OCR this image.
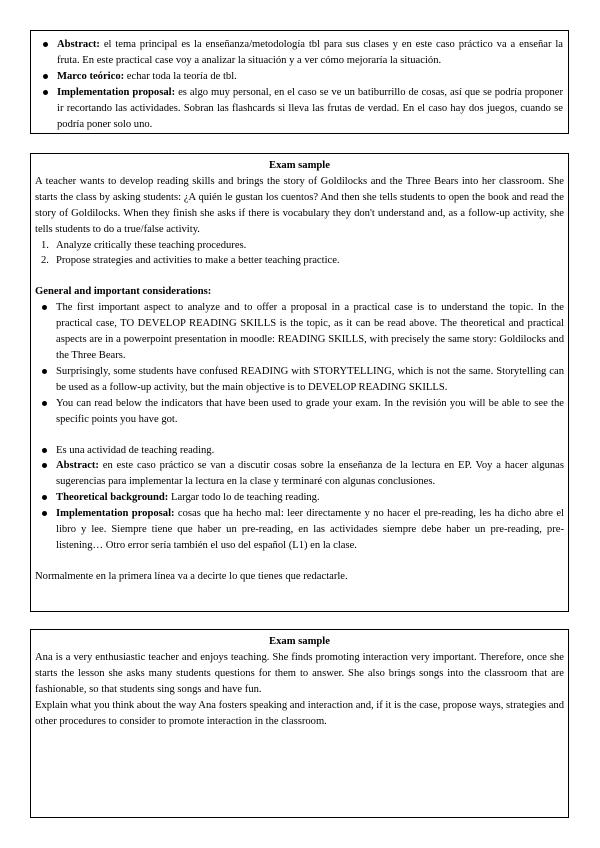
Abstract: el tema principal es la enseñanza/metodología tbl para sus clases y en este caso práctico va a enseñar la fruta. En este practical case voy a analizar la situación y a ver cómo mejoraría la situación.
Marco teórico: echar toda la teoría de tbl.
Implementation proposal: es algo muy personal, en el caso se ve un batiburrillo de cosas, así que se podría proponer ir recortando las actividades. Sobran las flashcards si lleva las frutas de verdad. En el caso hay dos juegos, cuando se podría poner solo uno.

Exam sample

A teacher wants to develop reading skills and brings the story of Goldilocks and the Three Bears into her classroom. She starts the class by asking students: ¿A quién le gustan los cuentos? And then she tells students to open the book and read the story of Goldilocks. When they finish she asks if there is vocabulary they don't understand and, as a follow-up activity, she tells students to do a true/false activity.

1. Analyze critically these teaching procedures.
2. Propose strategies and activities to make a better teaching practice.

General and important considerations:

The first important aspect to analyze and to offer a proposal in a practical case is to understand the topic. In the practical case, TO DEVELOP READING SKILLS is the topic, as it can be read above. The theoretical and practical aspects are in a powerpoint presentation in moodle: READING SKILLS, with precisely the same story: Goldilocks and the Three Bears.
Surprisingly, some students have confused READING with STORYTELLING, which is not the same. Storytelling can be used as a follow-up activity, but the main objective is to DEVELOP READING SKILLS.
You can read below the indicators that have been used to grade your exam. In the revisión you will be able to see the specific points you have got.
Es una actividad de teaching reading.
Abstract: en este caso práctico se van a discutir cosas sobre la enseñanza de la lectura en EP. Voy a hacer algunas sugerencias para implementar la lectura en la clase y terminaré con algunas conclusiones.
Theoretical background: Largar todo lo de teaching reading.
Implementation proposal: cosas que ha hecho mal: leer directamente y no hacer el pre-reading, les ha dicho abre el libro y lee. Siempre tiene que haber un pre-reading, en las actividades siempre debe haber un pre-reading, pre-listening… Otro error sería también el uso del español (L1) en la clase.

Normalmente en la primera línea va a decirte lo que tienes que redactarle.

Exam sample

Ana is a very enthusiastic teacher and enjoys teaching. She finds promoting interaction very important. Therefore, once she starts the lesson she asks many students questions for them to answer. She also brings songs into the classroom that are fashionable, so that students sing songs and have fun.

Explain what you think about the way Ana fosters speaking and interaction and, if it is the case, propose ways, strategies and other procedures to consider to promote interaction in the classroom.
